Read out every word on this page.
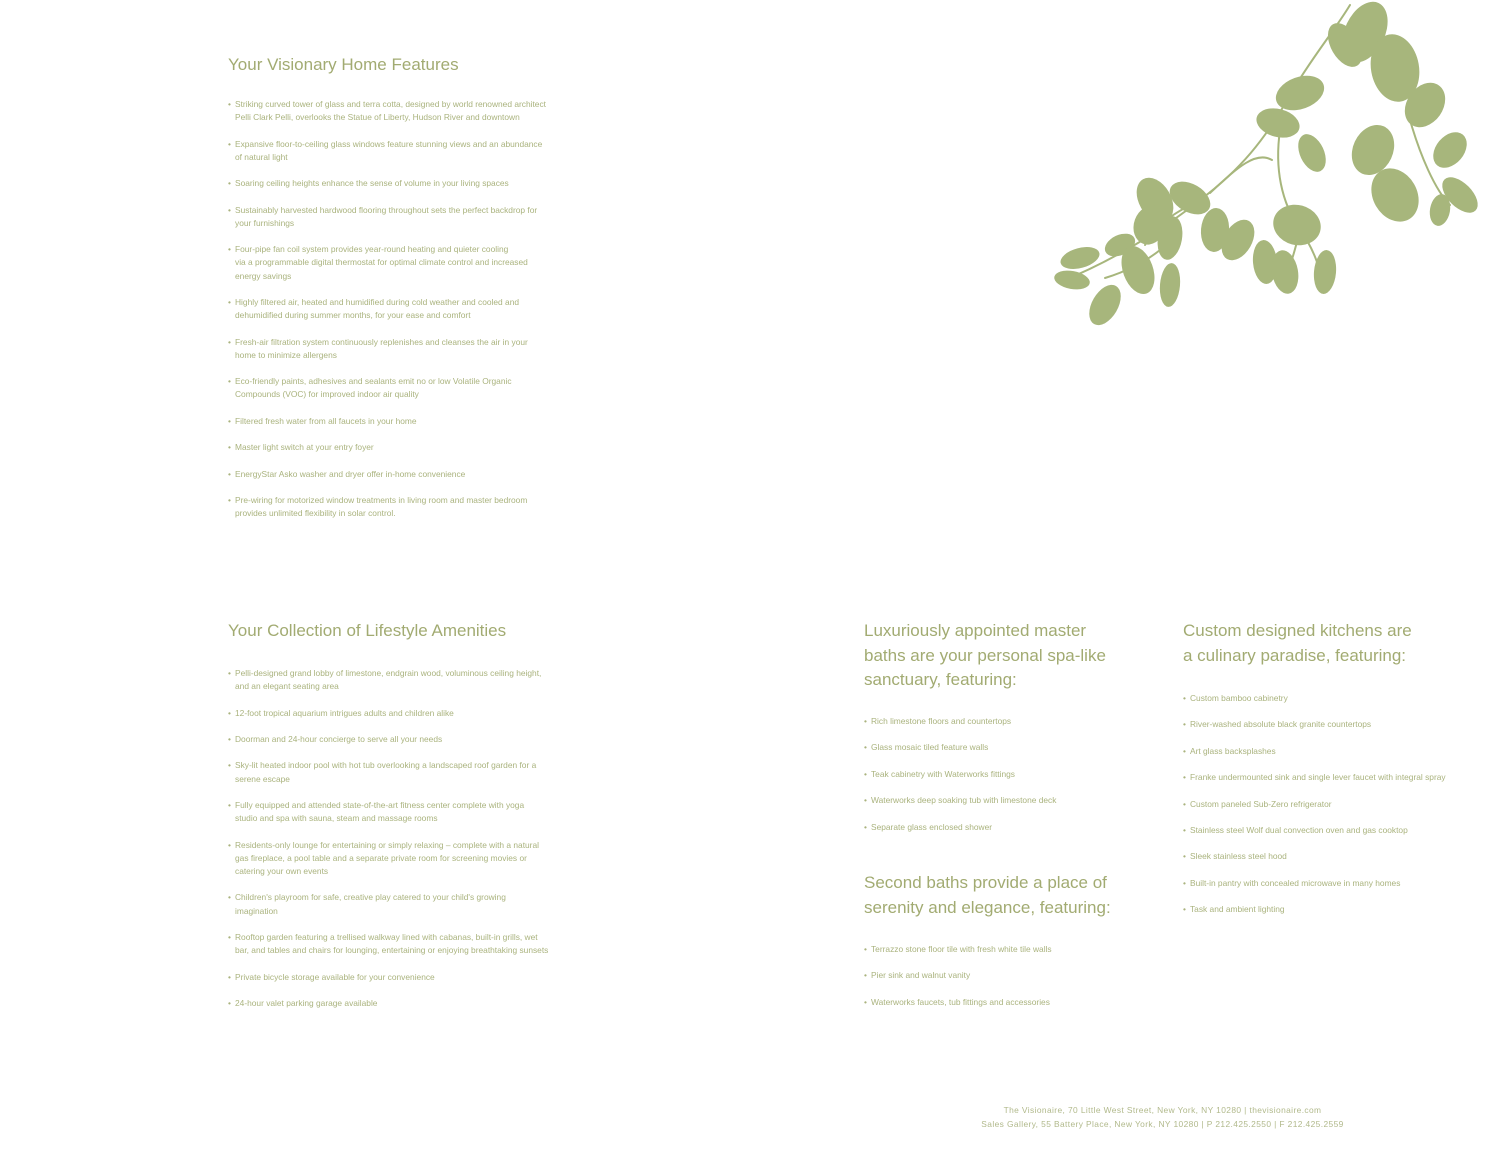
Your Visionary Home Features
• Striking curved tower of glass and terra cotta, designed by world renowned architect
Pelli Clark Pelli, overlooks the Statue of Liberty, Hudson River and downtown
• Expansive floor-to-ceiling glass windows feature stunning views and an abundance
of natural light
• Soaring ceiling heights enhance the sense of volume in your living spaces
• Sustainably harvested hardwood flooring throughout sets the perfect backdrop for
your furnishings
• Four-pipe fan coil system provides year-round heating and quieter cooling
via a programmable digital thermostat for optimal climate control and increased
energy savings
• Highly filtered air, heated and humidified during cold weather and cooled and
dehumidified during summer months, for your ease and comfort
• Fresh-air filtration system continuously replenishes and cleanses the air in your
home to minimize allergens
• Eco-friendly paints, adhesives and sealants emit no or low Volatile Organic
Compounds (VOC) for improved indoor air quality
• Filtered fresh water from all faucets in your home
• Master light switch at your entry foyer
• EnergyStar Asko washer and dryer offer in-home convenience
• Pre-wiring for motorized window treatments in living room and master bedroom
provides unlimited flexibility in solar control.
Your Collection of Lifestyle Amenities
• Pelli-designed grand lobby of limestone, endgrain wood, voluminous ceiling height,
and an elegant seating area
• 12-foot tropical aquarium intrigues adults and children alike
• Doorman and 24-hour concierge to serve all your needs
• Sky-lit heated indoor pool with hot tub overlooking a landscaped roof garden for a
serene escape
• Fully equipped and attended state-of-the-art fitness center complete with yoga
studio and spa with sauna, steam and massage rooms
• Residents-only lounge for entertaining or simply relaxing – complete with a natural
gas fireplace, a pool table and a separate private room for screening movies or
catering your own events
• Children's playroom for safe, creative play catered to your child's growing
imagination
• Rooftop garden featuring a trellised walkway lined with cabanas, built-in grills, wet
bar, and tables and chairs for lounging, entertaining or enjoying breathtaking sunsets
• Private bicycle storage available for your convenience
• 24-hour valet parking garage available
Luxuriously appointed master
baths are your personal spa-like
sanctuary, featuring:
• Rich limestone floors and countertops
• Glass mosaic tiled feature walls
• Teak cabinetry with Waterworks fittings
• Waterworks deep soaking tub with limestone deck
• Separate glass enclosed shower
Second baths provide a place of
serenity and elegance, featuring:
• Terrazzo stone floor tile with fresh white tile walls
• Pier sink and walnut vanity
• Waterworks faucets, tub fittings and accessories
Custom designed kitchens are
a culinary paradise, featuring:
• Custom bamboo cabinetry
• River-washed absolute black granite countertops
• Art glass backsplashes
• Franke undermounted sink and single lever faucet with integral spray
• Custom paneled Sub-Zero refrigerator
• Stainless steel Wolf dual convection oven and gas cooktop
• Sleek stainless steel hood
• Built-in pantry with concealed microwave in many homes
• Task and ambient lighting
The Visionaire, 70 Little West Street, New York, NY 10280 | thevisionaire.com
Sales Gallery, 55 Battery Place, New York, NY 10280 | P 212.425.2550 | F 212.425.2559
